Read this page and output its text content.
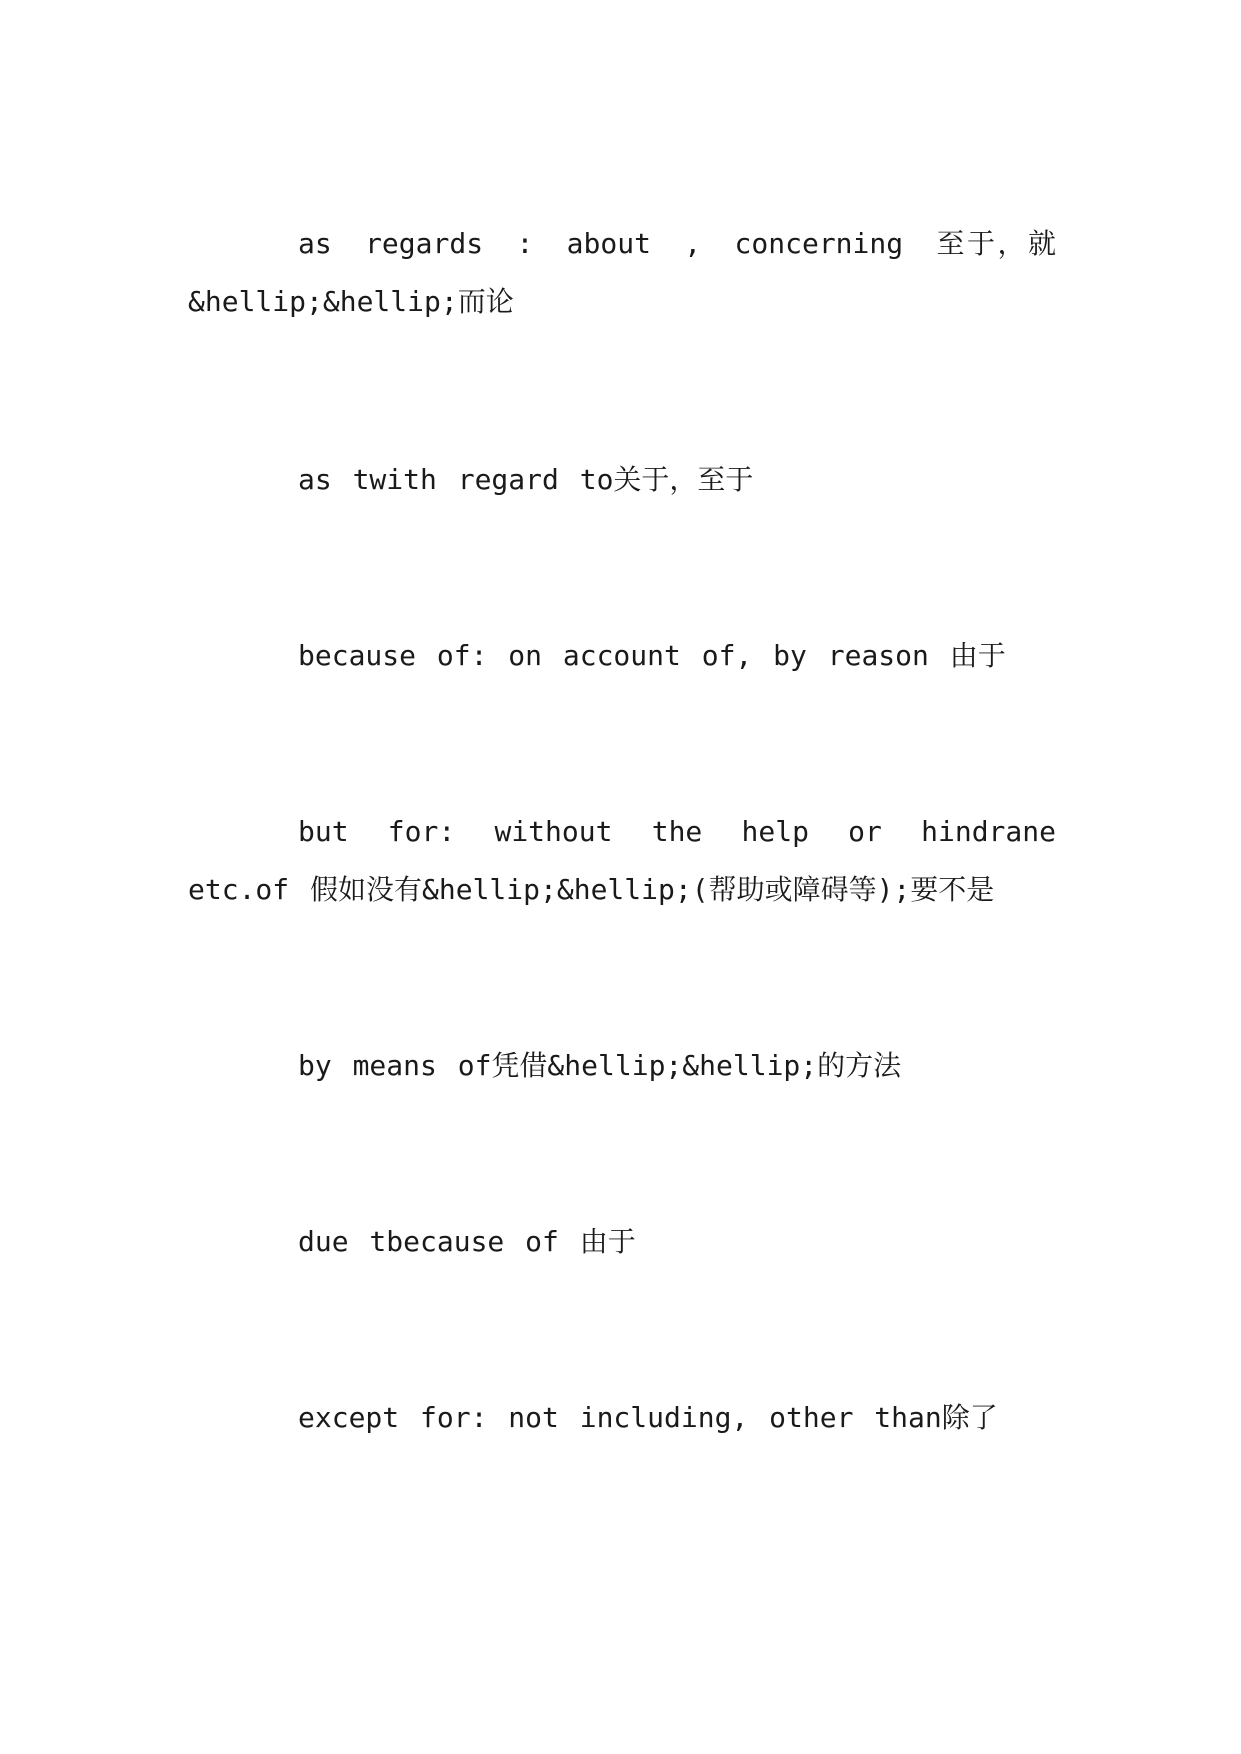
as regards : about , concerning 至于，就&hellip;&hellip;而论

as twith regard to关于，至于

because of: on account of, by reason 由于

but for: without the help or hindrane etc.of 假如没有&hellip;&hellip;(帮助或障碍等);要不是

by means of凭借&hellip;&hellip;的方法

due tbecause of 由于

except for: not including, other than除了
